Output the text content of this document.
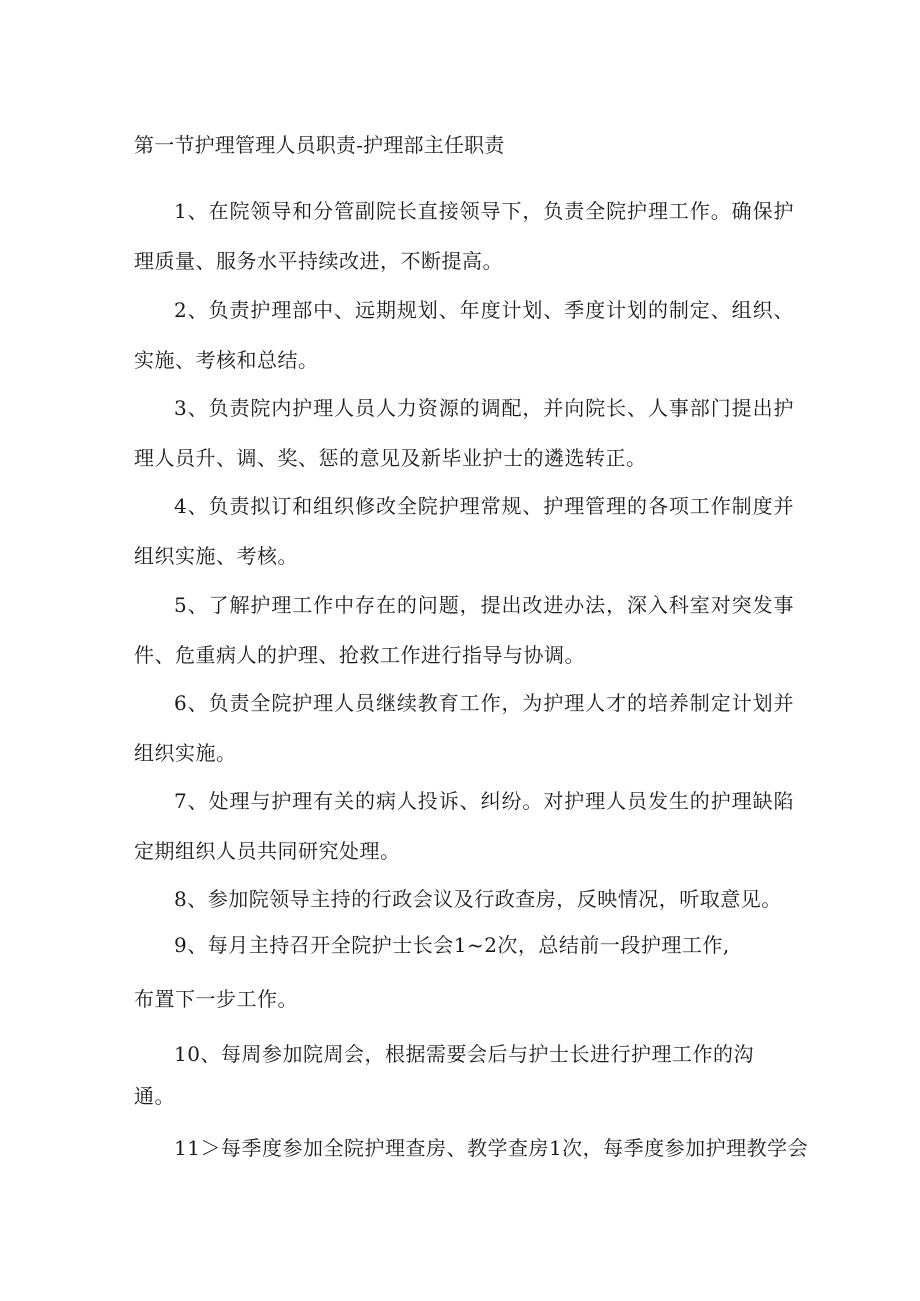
第一节护理管理人员职责-护理部主任职责
1、在院领导和分管副院长直接领导下，负责全院护理工作。确保护理质量、服务水平持续改进，不断提高。
2、负责护理部中、远期规划、年度计划、季度计划的制定、组织、实施、考核和总结。
3、负责院内护理人员人力资源的调配，并向院长、人事部门提出护理人员升、调、奖、惩的意见及新毕业护士的遴选转正。
4、负责拟订和组织修改全院护理常规、护理管理的各项工作制度并组织实施、考核。
5、了解护理工作中存在的问题，提出改进办法，深入科室对突发事件、危重病人的护理、抢救工作进行指导与协调。
6、负责全院护理人员继续教育工作，为护理人才的培养制定计划并组织实施。
7、处理与护理有关的病人投诉、纠纷。对护理人员发生的护理缺陷定期组织人员共同研究处理。
8、参加院领导主持的行政会议及行政查房，反映情况，听取意见。
9、每月主持召开全院护士长会1~2次，总结前一段护理工作,
布置下一步工作。
10、每周参加院周会，根据需要会后与护士长进行护理工作的沟
通。
11＞每季度参加全院护理查房、教学查房1次，每季度参加护理教学会
